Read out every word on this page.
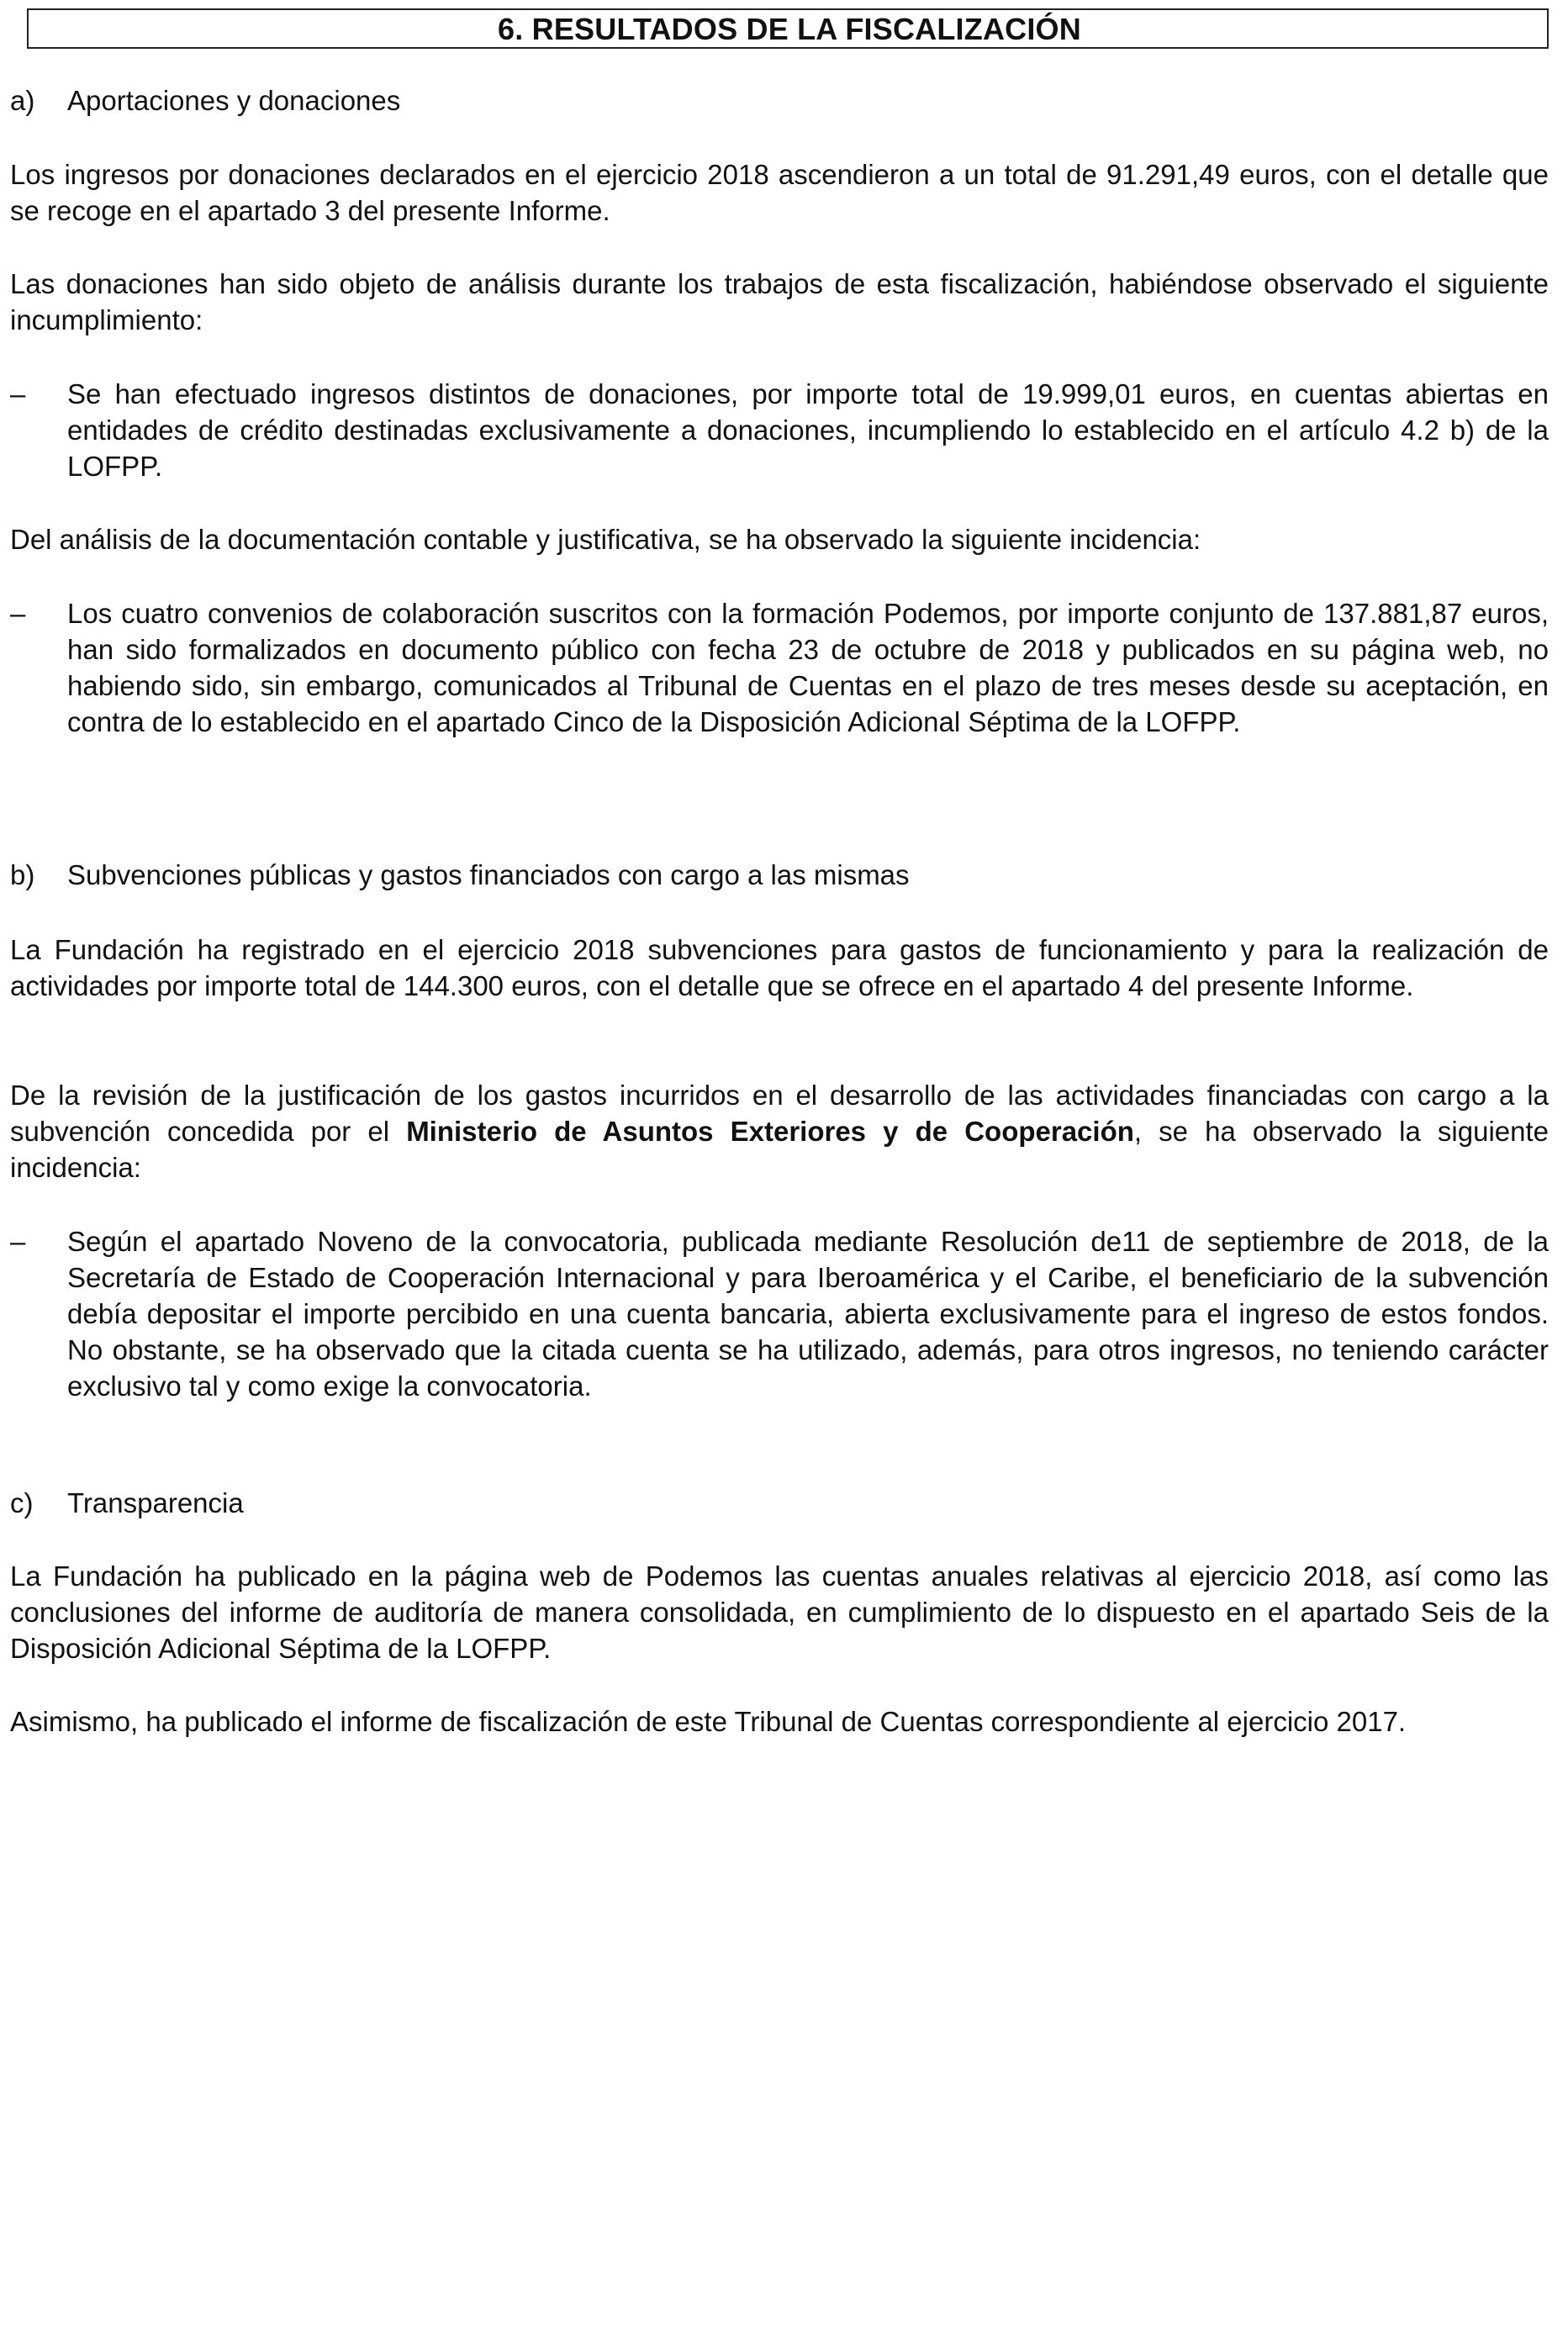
6. RESULTADOS DE LA FISCALIZACIÓN
a) Aportaciones y donaciones
Los ingresos por donaciones declarados en el ejercicio 2018 ascendieron a un total de 91.291,49 euros, con el detalle que se recoge en el apartado 3 del presente Informe.
Las donaciones han sido objeto de análisis durante los trabajos de esta fiscalización, habiéndose observado el siguiente incumplimiento:
–	Se han efectuado ingresos distintos de donaciones, por importe total de 19.999,01 euros, en cuentas abiertas en entidades de crédito destinadas exclusivamente a donaciones, incumpliendo lo establecido en el artículo 4.2 b) de la LOFPP.
Del análisis de la documentación contable y justificativa, se ha observado la siguiente incidencia:
–	Los cuatro convenios de colaboración suscritos con la formación Podemos, por importe conjunto de 137.881,87 euros, han sido formalizados en documento público con fecha 23 de octubre de 2018 y publicados en su página web, no habiendo sido, sin embargo, comunicados al Tribunal de Cuentas en el plazo de tres meses desde su aceptación, en contra de lo establecido en el apartado Cinco de la Disposición Adicional Séptima de la LOFPP.
b) Subvenciones públicas y gastos financiados con cargo a las mismas
La Fundación ha registrado en el ejercicio 2018 subvenciones para gastos de funcionamiento y para la realización de actividades por importe total de 144.300 euros, con el detalle que se ofrece en el apartado 4 del presente Informe.
De la revisión de la justificación de los gastos incurridos en el desarrollo de las actividades financiadas con cargo a la subvención concedida por el Ministerio de Asuntos Exteriores y de Cooperación, se ha observado la siguiente incidencia:
–	Según el apartado Noveno de la convocatoria, publicada mediante Resolución de11 de septiembre de 2018, de la Secretaría de Estado de Cooperación Internacional y para Iberoamérica y el Caribe, el beneficiario de la subvención debía depositar el importe percibido en una cuenta bancaria, abierta exclusivamente para el ingreso de estos fondos. No obstante, se ha observado que la citada cuenta se ha utilizado, además, para otros ingresos, no teniendo carácter exclusivo tal y como exige la convocatoria.
c) Transparencia
La Fundación ha publicado en la página web de Podemos las cuentas anuales relativas al ejercicio 2018, así como las conclusiones del informe de auditoría de manera consolidada, en cumplimiento de lo dispuesto en el apartado Seis de la Disposición Adicional Séptima de la LOFPP.
Asimismo, ha publicado el informe de fiscalización de este Tribunal de Cuentas correspondiente al ejercicio 2017.
